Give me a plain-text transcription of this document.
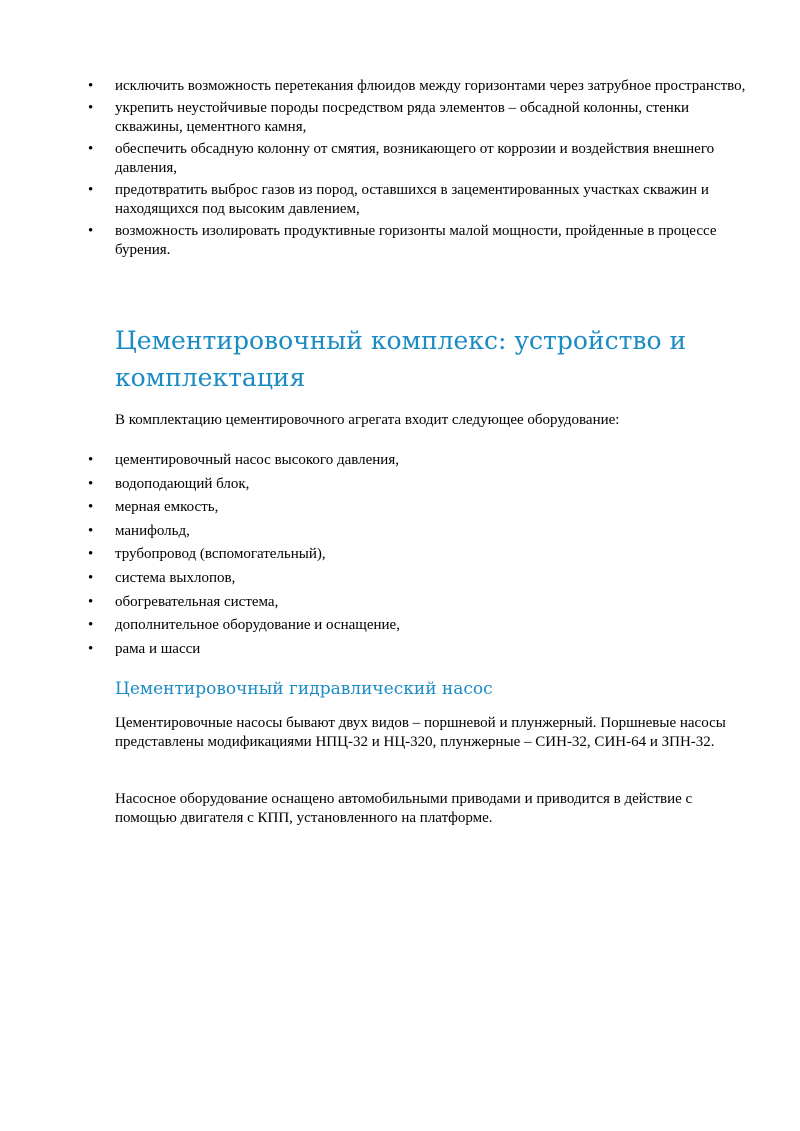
• исключить возможность перетекания флюидов между горизонтами через затрубное пространство,
• укрепить неустойчивые породы посредством ряда элементов – обсадной колонны, стенки скважины, цементного камня,
• обеспечить обсадную колонну от смятия, возникающего от коррозии и воздействия внешнего давления,
• предотвратить выброс газов из пород, оставшихся в зацементированных участках скважин и находящихся под высоким давлением,
• возможность изолировать продуктивные горизонты малой мощности, пройденные в процессе бурения.
Цементировочный комплекс: устройство и комплектация

В комплектацию цементировочного агрегата входит следующее оборудование:

• цементировочный насос высокого давления,
• водоподающий блок,
• мерная емкость,
• манифольд,
• трубопровод (вспомогательный),
• система выхлопов,
• обогревательная система,
• дополнительное оборудование и оснащение,
• рама и шасси
Цементировочный гидравлический насос

Цементировочные насосы бывают двух видов – поршневой и плунжерный. Поршневые насосы представлены модификациями НПЦ-32 и НЦ-320, плунжерные – СИН-32, СИН-64 и ЗПН-32.

Насосное оборудование оснащено автомобильными приводами и приводится в действие с помощью двигателя с КПП, установленного на платформе.
